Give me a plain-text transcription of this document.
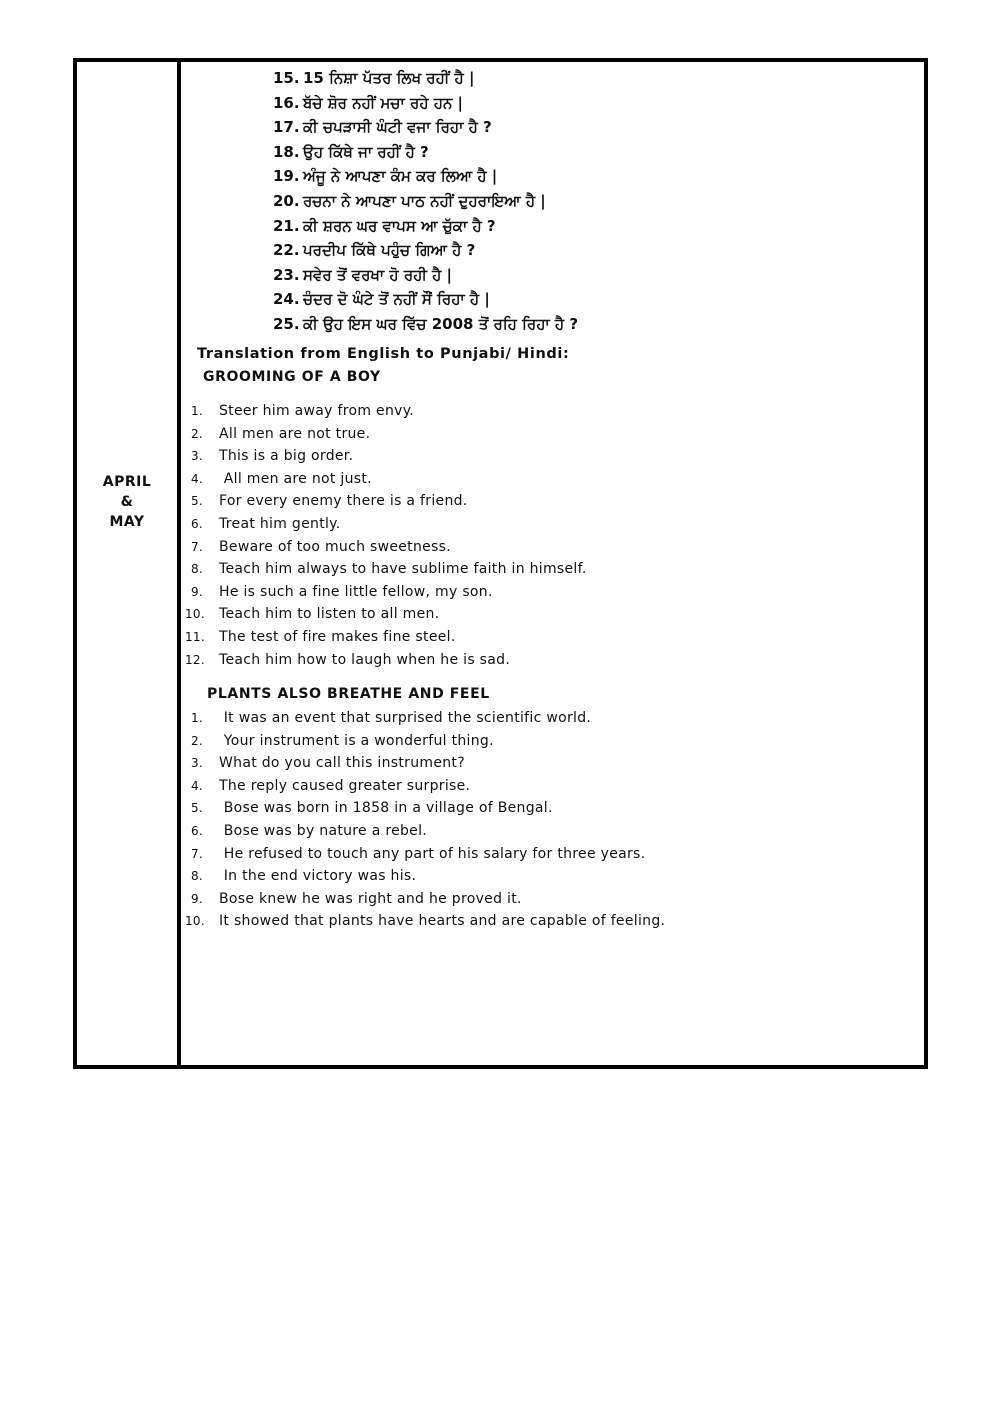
APRIL
&
MAY
15. 15 ਨਿਸ਼ਾ ਪੱਤਰ ਲਿਖ ਰਹੀਂ ਹੈ |
16. ਬੱਚੇ ਸ਼ੋਰ ਨਹੀਂ ਮਚਾ ਰਹੇ ਹਨ |
17. ਕੀ ਚਪੜਾਸੀ ਘੰਟੀ ਵਜਾ ਰਿਹਾ ਹੈ ?
18. ਉਹ ਕਿੱਥੇ ਜਾ ਰਹੀਂ ਹੈ ?
19. ਅੰਜੂ ਨੇ ਆਪਣਾ ਕੰਮ ਕਰ ਲਿਆ ਹੈ |
20. ਰਚਨਾ ਨੇ ਆਪਣਾ ਪਾਠ ਨਹੀਂ ਦੁਹਰਾਇਆ ਹੈ |
21. ਕੀ ਸ਼ਰਨ ਘਰ ਵਾਪਸ ਆ ਚੁੱਕਾ ਹੈ ?
22. ਪਰਦੀਪ ਕਿੱਥੇ ਪਹੁੰਚ ਗਿਆ ਹੈ ?
23. ਸਵੇਰ ਤੋਂ ਵਰਖਾ ਹੋ ਰਹੀ ਹੈ |
24. ਚੰਦਰ ਦੋ ਘੰਟੇ ਤੋਂ ਨਹੀਂ ਸੌਂ ਰਿਹਾ ਹੈ |
25. ਕੀ ਉਹ ਇਸ ਘਰ ਵਿੱਚ 2008 ਤੋਂ ਰਹਿ ਰਿਹਾ ਹੈ ?
Translation from English to Punjabi/ Hindi:
GROOMING OF A BOY
1. Steer him away from envy.
2. All men are not true.
3. This is a big order.
4. All men are not just.
5. For every enemy there is a friend.
6. Treat him gently.
7. Beware of too much sweetness.
8. Teach him always to have sublime faith in himself.
9. He is such a fine little fellow, my son.
10. Teach him to listen to all men.
11. The test of fire makes fine steel.
12. Teach him how to laugh when he is sad.
PLANTS ALSO BREATHE AND FEEL
1. It was an event that surprised the scientific world.
2. Your instrument is a wonderful thing.
3. What do you call this instrument?
4. The reply caused greater surprise.
5. Bose was born in 1858 in a village of Bengal.
6. Bose was by nature a rebel.
7. He refused to touch any part of his salary for three years.
8. In the end victory was his.
9. Bose knew he was right and he proved it.
10. It showed that plants have hearts and are capable of feeling.
